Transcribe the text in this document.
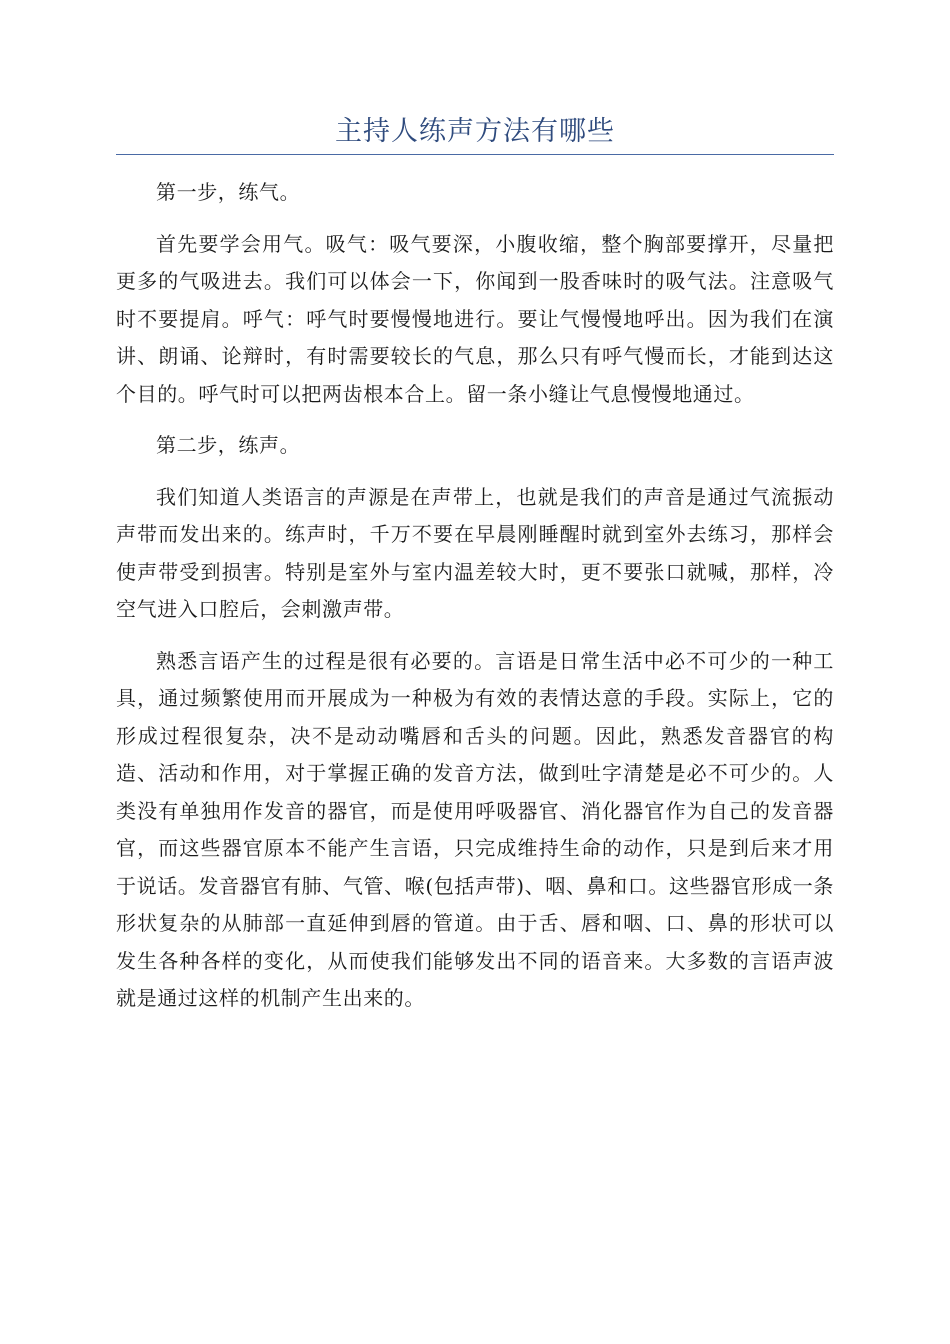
主持人练声方法有哪些

第一步，练气。

首先要学会用气。吸气：吸气要深，小腹收缩，整个胸部要撑开，尽量把更多的气吸进去。我们可以体会一下，你闻到一股香味时的吸气法。注意吸气时不要提肩。呼气：呼气时要慢慢地进行。要让气慢慢地呼出。因为我们在演讲、朗诵、论辩时，有时需要较长的气息，那么只有呼气慢而长，才能到达这个目的。呼气时可以把两齿根本合上。留一条小缝让气息慢慢地通过。

第二步，练声。

我们知道人类语言的声源是在声带上，也就是我们的声音是通过气流振动声带而发出来的。练声时，千万不要在早晨刚睡醒时就到室外去练习，那样会使声带受到损害。特别是室外与室内温差较大时，更不要张口就喊，那样，冷空气进入口腔后，会刺激声带。

熟悉言语产生的过程是很有必要的。言语是日常生活中必不可少的一种工具，通过频繁使用而开展成为一种极为有效的表情达意的手段。实际上，它的形成过程很复杂，决不是动动嘴唇和舌头的问题。因此，熟悉发音器官的构造、活动和作用，对于掌握正确的发音方法，做到吐字清楚是必不可少的。人类没有单独用作发音的器官，而是使用呼吸器官、消化器官作为自己的发音器官，而这些器官原本不能产生言语，只完成维持生命的动作，只是到后来才用于说话。发音器官有肺、气管、喉(包括声带)、咽、鼻和口。这些器官形成一条形状复杂的从肺部一直延伸到唇的管道。由于舌、唇和咽、口、鼻的形状可以发生各种各样的变化，从而使我们能够发出不同的语音来。大多数的言语声波就是通过这样的机制产生出来的。
